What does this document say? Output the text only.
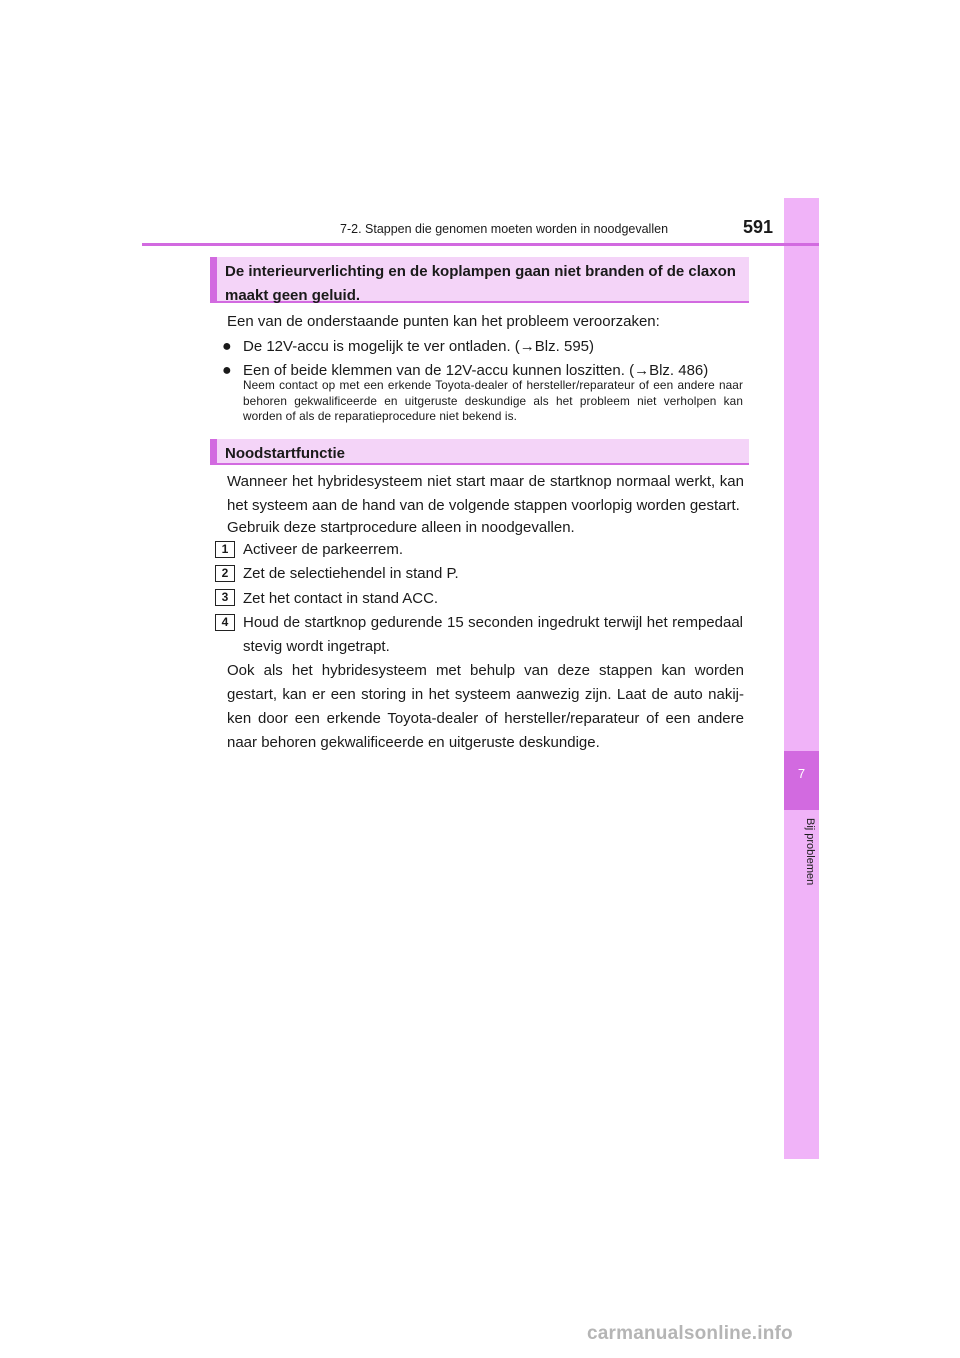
7
Bij problemen
7-2. Stappen die genomen moeten worden in noodgevallen	591
De interieurverlichting en de koplampen gaan niet branden of de claxon maakt geen geluid.
Een van de onderstaande punten kan het probleem veroorzaken:
● De 12V-accu is mogelijk te ver ontladen. (→Blz. 595)
● Een of beide klemmen van de 12V-accu kunnen loszitten. (→Blz. 486)
Neem contact op met een erkende Toyota-dealer of hersteller/reparateur of een andere naar behoren gekwalificeerde en uitgeruste deskundige als het probleem niet verholpen kan worden of als de reparatieprocedure niet bekend is.
Noodstartfunctie
Wanneer het hybridesysteem niet start maar de startknop normaal werkt, kan het systeem aan de hand van de volgende stappen voorlopig worden gestart.
Gebruik deze startprocedure alleen in noodgevallen.
1 Activeer de parkeerrem.
2 Zet de selectiehendel in stand P.
3 Zet het contact in stand ACC.
4 Houd de startknop gedurende 15 seconden ingedrukt terwijl het rempedaal stevig wordt ingetrapt.
Ook als het hybridesysteem met behulp van deze stappen kan worden gestart, kan er een storing in het systeem aanwezig zijn. Laat de auto nakijken door een erkende Toyota-dealer of hersteller/reparateur of een andere naar behoren gekwalificeerde en uitgeruste deskundige.
carmanualsonline.info
